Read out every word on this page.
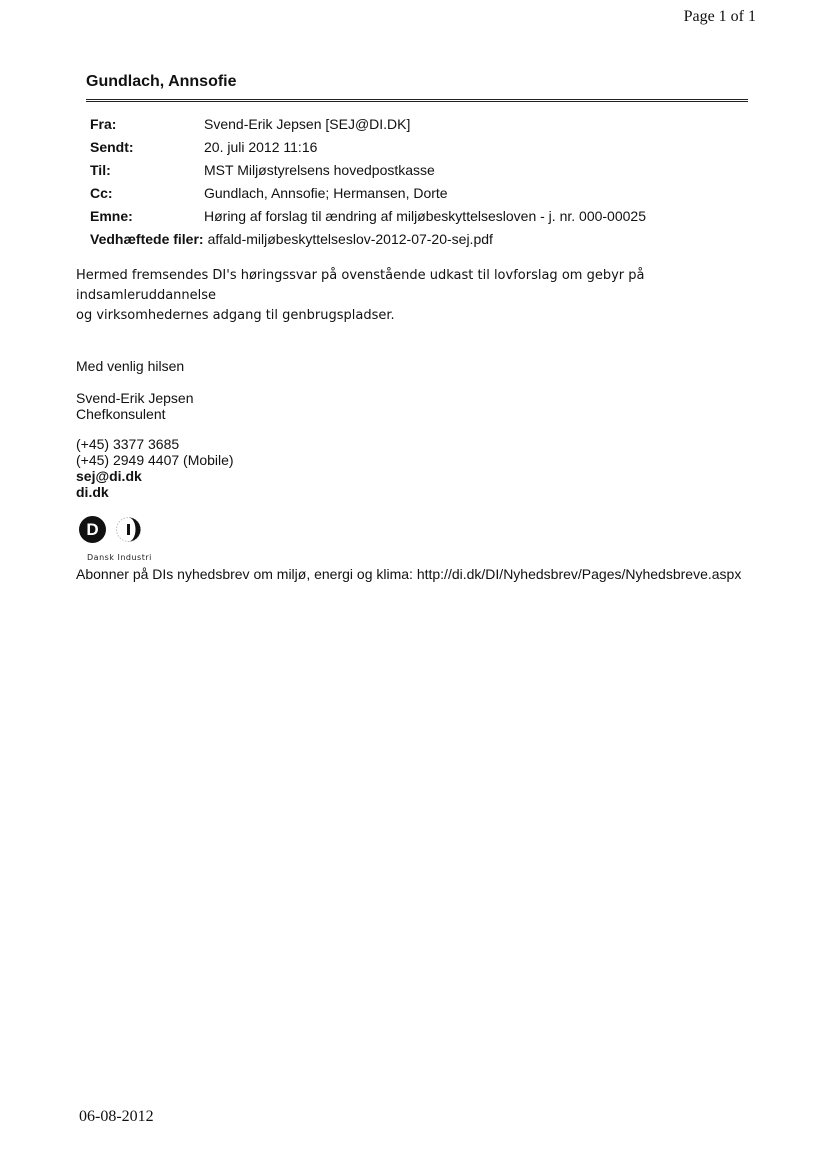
Page 1 of 1
Gundlach, Annsofie
Fra:	Svend-Erik Jepsen [SEJ@DI.DK]
Sendt:	20. juli 2012 11:16
Til:	MST Miljøstyrelsens hovedpostkasse
Cc:	Gundlach, Annsofie; Hermansen, Dorte
Emne:	Høring af forslag til ændring af miljøbeskyttelsesloven - j. nr. 000-00025
Vedhæftede filer: affald-miljøbeskyttelseslov-2012-07-20-sej.pdf
Hermed fremsendes DI's høringssvar på ovenstående udkast til lovforslag om gebyr på indsamleruddannelse
og virksomhedernes adgang til genbrugspladser.
Med venlig hilsen
Svend-Erik Jepsen
Chefkonsulent
(+45) 3377 3685
(+45) 2949 4407 (Mobile)
sej@di.dk
di.dk
D
Dansk Industri
Abonner på DIs nyhedsbrev om miljø, energi og klima: http://di.dk/DI/Nyhedsbrev/Pages/Nyhedsbreve.aspx
06-08-2012
